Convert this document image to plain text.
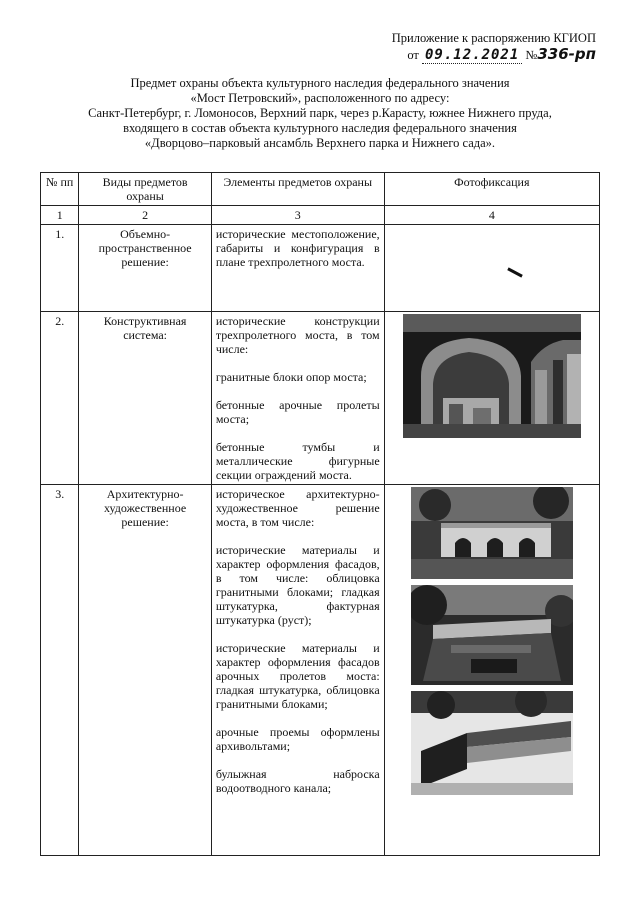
Приложение к распоряжению КГИОП
от 09.12.2021 №336-рп
Предмет охраны объекта культурного наследия федерального значения
«Мост Петровский», расположенного по адресу:
Санкт-Петербург, г. Ломоносов, Верхний парк, через р.Караcту, южнее Нижнего пруда,
входящего в состав объекта культурного наследия федерального значения
«Дворцово–парковый ансамбль Верхнего парка и Нижнего сада».
№ пп	Виды предметов охраны	Элементы предметов охраны	Фотофиксация
1	2	3	4
1.	Объемно-пространственное решение:	исторические местоположение, габариты и конфигурация в плане трехпролетного моста.	

2.	Конструктивная система:	исторические конструкции трехпролетного моста, в том числе:

гранитные блоки опор моста;

бетонные арочные пролеты моста;

бетонные тумбы и металлические фигурные секции ограждений моста.

3.	Архитектурно-художественное решение:	историческое архитектурно-художественное решение моста, в том числе:

исторические материалы и характер оформления фасадов, в том числе: облицовка гранитными блоками; гладкая штукатурка, фактурная штукатурка (руст);

исторические материалы и характер оформления фасадов арочных пролетов моста: гладкая штукатурка, облицовка гранитными блоками;

арочные проемы оформлены архивольтами;

булыжная наброска водоотводного канала;
